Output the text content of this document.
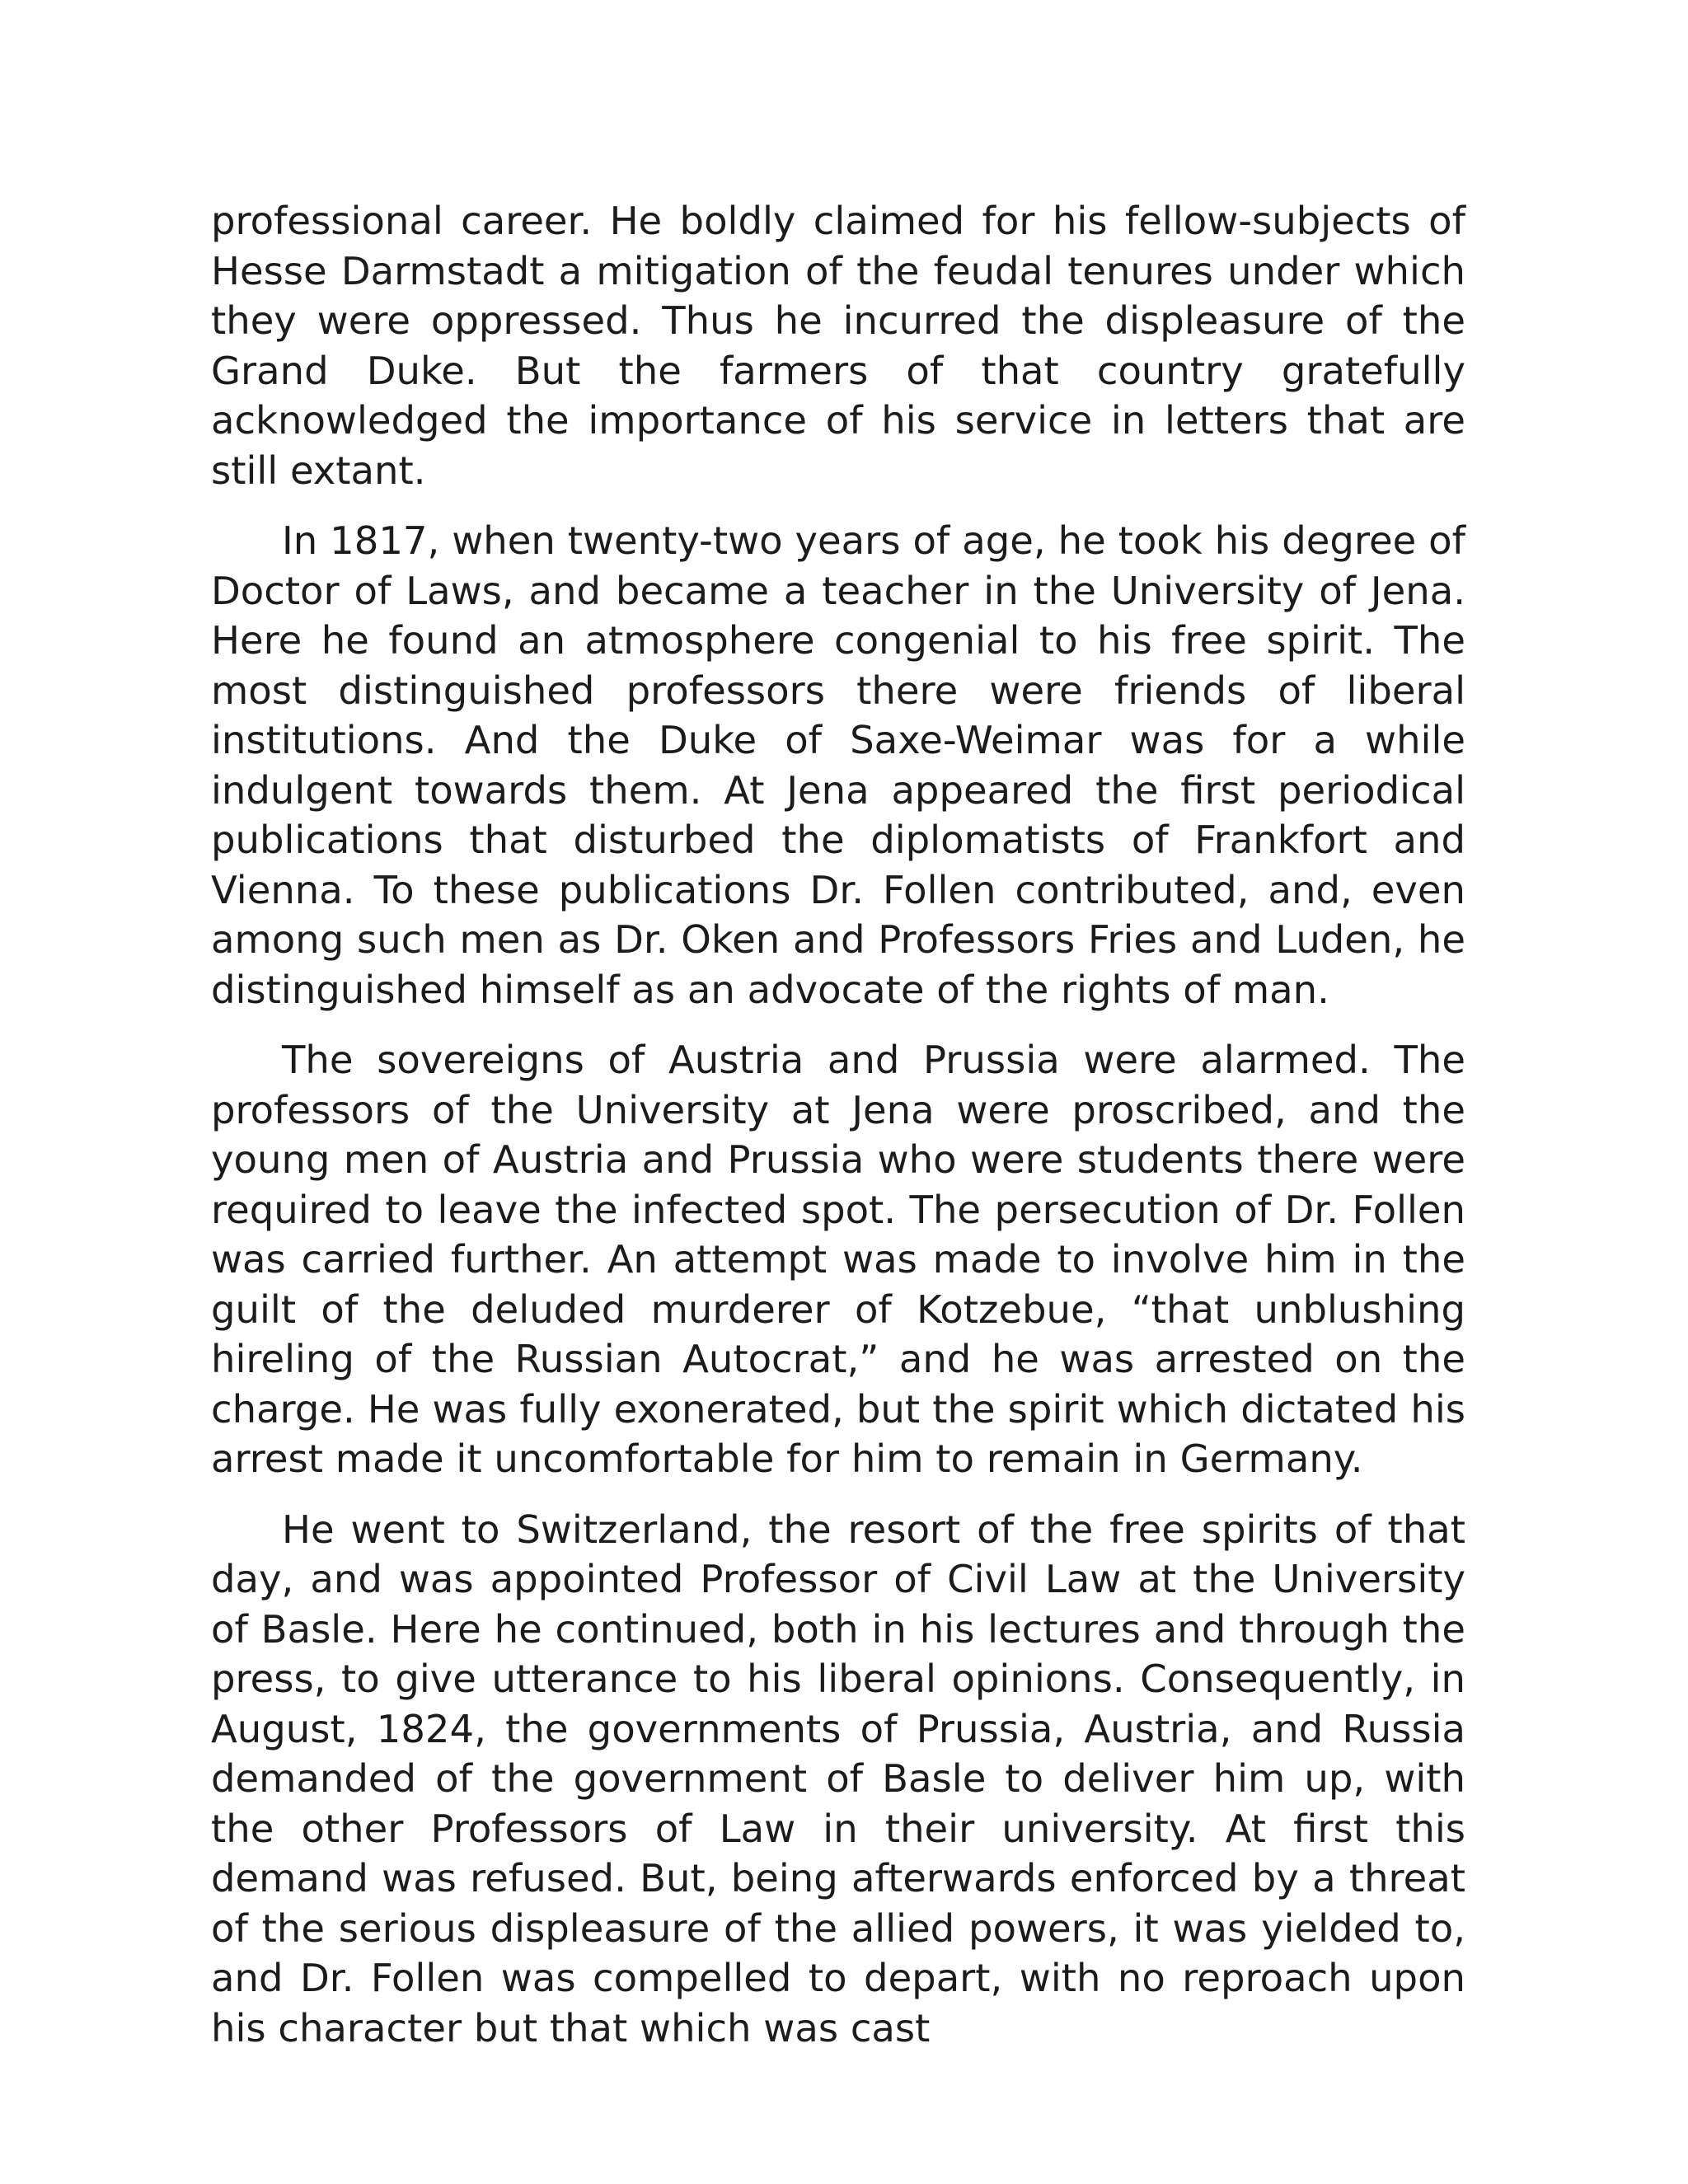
professional career. He boldly claimed for his fellow-subjects of Hesse Darmstadt a mitigation of the feudal tenures under which they were oppressed. Thus he incurred the displeasure of the Grand Duke. But the farmers of that country gratefully acknowledged the importance of his service in letters that are still extant.

In 1817, when twenty-two years of age, he took his degree of Doctor of Laws, and became a teacher in the University of Jena. Here he found an atmosphere congenial to his free spirit. The most distinguished professors there were friends of liberal institutions. And the Duke of Saxe-Weimar was for a while indulgent towards them. At Jena appeared the first periodical publications that disturbed the diplomatists of Frankfort and Vienna. To these publications Dr. Follen contributed, and, even among such men as Dr. Oken and Professors Fries and Luden, he distinguished himself as an advocate of the rights of man.

The sovereigns of Austria and Prussia were alarmed. The professors of the University at Jena were proscribed, and the young men of Austria and Prussia who were students there were required to leave the infected spot. The persecution of Dr. Follen was carried further. An attempt was made to involve him in the guilt of the deluded murderer of Kotzebue, “that unblushing hireling of the Russian Autocrat,” and he was arrested on the charge. He was fully exonerated, but the spirit which dictated his arrest made it uncomfortable for him to remain in Germany.

He went to Switzerland, the resort of the free spirits of that day, and was appointed Professor of Civil Law at the University of Basle. Here he continued, both in his lectures and through the press, to give utterance to his liberal opinions. Consequently, in August, 1824, the governments of Prussia, Austria, and Russia demanded of the government of Basle to deliver him up, with the other Professors of Law in their university. At first this demand was refused. But, being afterwards enforced by a threat of the serious displeasure of the allied powers, it was yielded to, and Dr. Follen was compelled to depart, with no reproach upon his character but that which was cast
